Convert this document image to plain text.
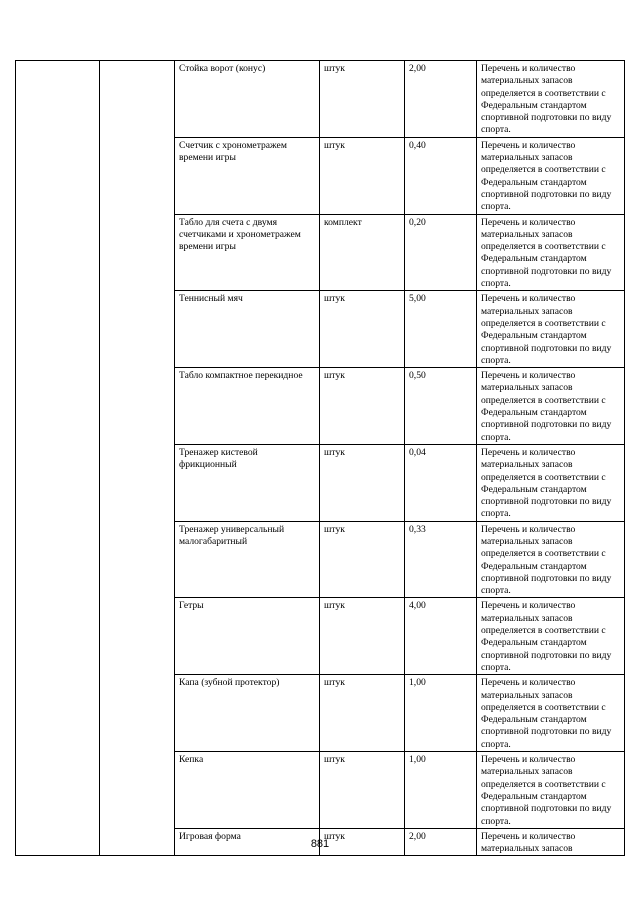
		Стойка ворот (конус)	штук	2,00	Перечень и количество материальных запасов определяется в соответствии с Федеральным стандартом спортивной подготовки по виду спорта.
		Счетчик с хронометражем времени игры	штук	0,40	Перечень и количество материальных запасов определяется в соответствии с Федеральным стандартом спортивной подготовки по виду спорта.
		Табло для счета с двумя счетчиками и хронометражем времени игры	комплект	0,20	Перечень и количество материальных запасов определяется в соответствии с Федеральным стандартом спортивной подготовки по виду спорта.
		Теннисный мяч	штук	5,00	Перечень и количество материальных запасов определяется в соответствии с Федеральным стандартом спортивной подготовки по виду спорта.
		Табло компактное перекидное	штук	0,50	Перечень и количество материальных запасов определяется в соответствии с Федеральным стандартом спортивной подготовки по виду спорта.
		Тренажер кистевой фрикционный	штук	0,04	Перечень и количество материальных запасов определяется в соответствии с Федеральным стандартом спортивной подготовки по виду спорта.
		Тренажер универсальный малогабаритный	штук	0,33	Перечень и количество материальных запасов определяется в соответствии с Федеральным стандартом спортивной подготовки по виду спорта.
		Гетры	штук	4,00	Перечень и количество материальных запасов определяется в соответствии с Федеральным стандартом спортивной подготовки по виду спорта.
		Капа (зубной протектор)	штук	1,00	Перечень и количество материальных запасов определяется в соответствии с Федеральным стандартом спортивной подготовки по виду спорта.
		Кепка	штук	1,00	Перечень и количество материальных запасов определяется в соответствии с Федеральным стандартом спортивной подготовки по виду спорта.
		Игровая форма	штук	2,00	Перечень и количество материальных запасов
881
